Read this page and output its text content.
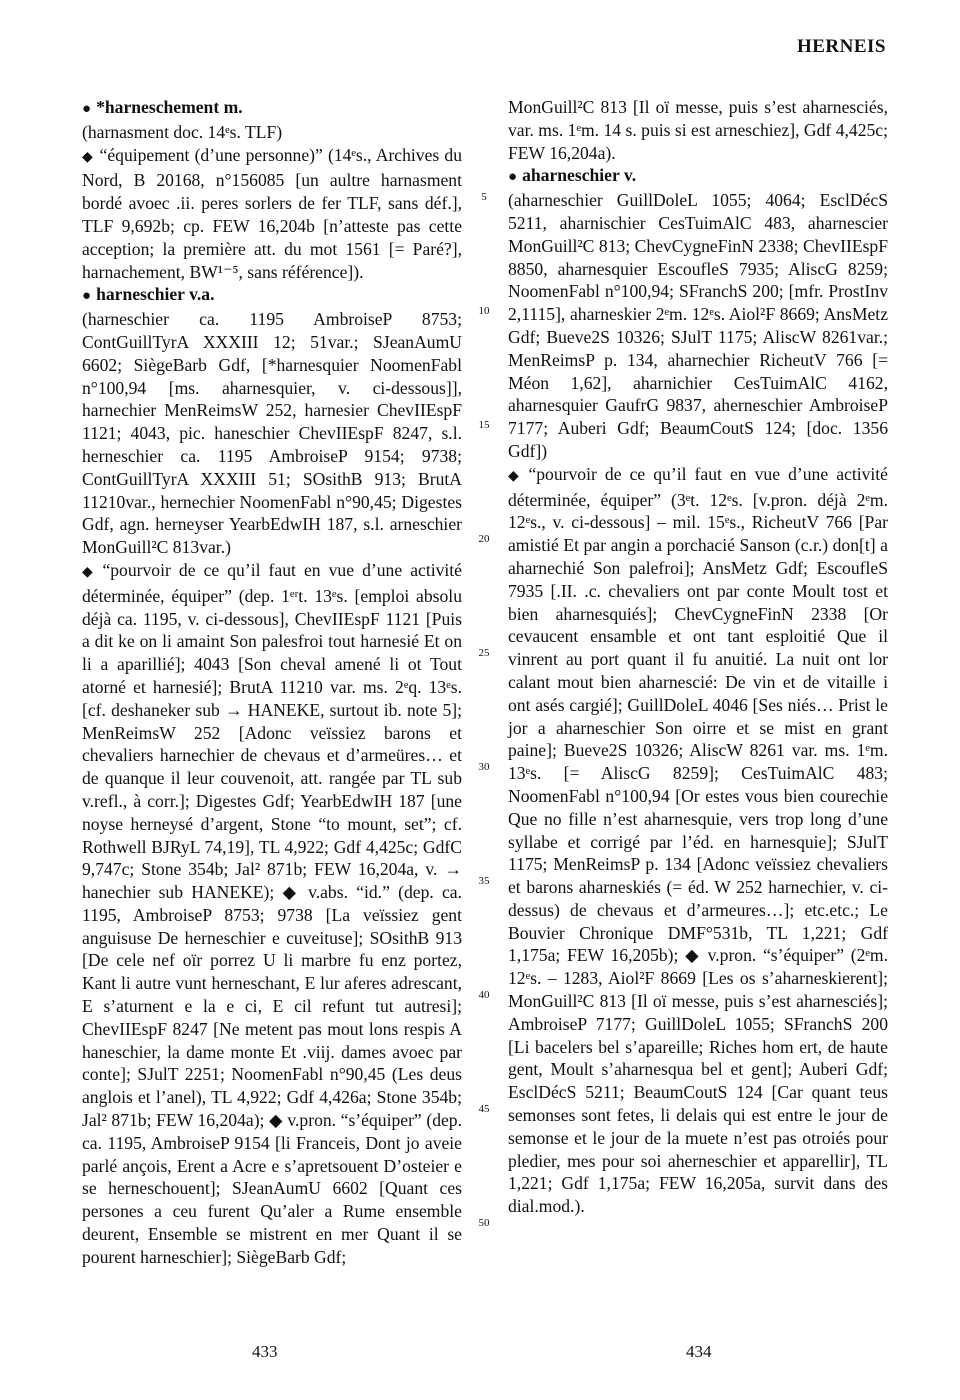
HERNEIS

● *harneschement m.

(harnasment doc. 14ᵉs. TLF)

◆ “équipement (d’une personne)” (14ᵉs., Archives du Nord, B 20168, n°156085 [un aultre harnasment bordé avoec .ii. peres sorlers de fer TLF, sans déf.], TLF 9,692b; cp. FEW 16,204b [n’atteste pas cette acception; la première att. du mot 1561 [= Paré?], harnachement, BW¹⁻⁵, sans référence]).

● harneschier v.a.

(harneschier ca. 1195 AmbroiseP 8753; ContGuillTyrA XXXIII 12; 51var.; SJeanAumU 6602; SiègeBarb Gdf, [*harnesquier NoomenFabl n°100,94 [ms. aharnesquier, v. ci-dessous]], harnechier MenReimsW 252, harnesier ChevIIEspF 1121; 4043, pic. haneschier ChevIIEspF 8247, s.l. herneschier ca. 1195 AmbroiseP 9154; 9738; ContGuillTyrA XXXIII 51; SOsithB 913; BrutA 11210var., hernechier NoomenFabl n°90,45; Digestes Gdf, agn. herneyser YearbEdwIH 187, s.l. arneschier MonGuill²C 813var.)

◆ “pourvoir de ce qu’il faut en vue d’une activité déterminée, équiper” (dep. 1ᵉʳt. 13ᵉs. [emploi absolu déjà ca. 1195, v. ci-dessous], ChevIIEspF 1121 [Puis a dit ke on li amaint Son palesfroi tout harnesié Et on li a aparillié]; 4043 [Son cheval amené li ot Tout atorné et harnesié]; BrutA 11210 var. ms. 2ᵉq. 13ᵉs. [cf. deshaneker sub → HANEKE, surtout ib. note 5]; MenReimsW 252 [Adonc veïssiez barons et chevaliers harnechier de chevaus et d’armeüres… et de quanque il leur couvenoit, att. rangée par TL sub v.refl., à corr.]; Digestes Gdf; YearbEdwIH 187 [une noyse herneysé d’argent, Stone “to mount, set”; cf. Rothwell BJRyL 74,19], TL 4,922; Gdf 4,425c; GdfC 9,747c; Stone 354b; Jal² 871b; FEW 16,204a, v. → hanechier sub HANEKE); ◆ v.abs. “id.” (dep. ca. 1195, AmbroiseP 8753; 9738 [La veïssiez gent anguisuse De herneschier e cuveituse]; SOsithB 913 [De cele nef oïr porrez U li marbre fu enz portez, Kant li autre vunt herneschant, E lur aferes adrescant, E s’aturnent e la e ci, E cil refunt tut autresi]; ChevIIEspF 8247 [Ne metent pas mout lons respis A haneschier, la dame monte Et .viij. dames avoec par conte]; SJulT 2251; NoomenFabl n°90,45 (Les deus anglois et l’anel), TL 4,922; Gdf 4,426a; Stone 354b; Jal² 871b; FEW 16,204a); ◆ v.pron. “s’équiper” (dep. ca. 1195, AmbroiseP 9154 [li Franceis, Dont jo aveie parlé ançois, Erent a Acre e s’apretsouent D’osteier e se herneschouent]; SJeanAumU 6602 [Quant ces persones a ceu furent Qu’aler a Rume ensemble deurent, Ensemble se mistrent en mer Quant il se pourent harneschier]; SiègeBarb Gdf;

5
10
15
20
25
30
35
40
45
50

MonGuill²C 813 [Il oï messe, puis s’est aharnesciés, var. ms. 1ᵉm. 14 s. puis si est arneschiez], Gdf 4,425c; FEW 16,204a).

● aharneschier v.

(aharneschier GuillDoleL 1055; 4064; EsclDécS 5211, aharnischier CesTuimAlC 483, aharnescier MonGuill²C 813; ChevCygneFinN 2338; ChevIIEspF 8850, aharnesquier EscoufleS 7935; AliscG 8259; NoomenFabl n°100,94; SFranchS 200; [mfr. ProstInv 2,1115], aharneskier 2ᵉm. 12ᵉs. Aiol²F 8669; AnsMetz Gdf; Bueve2S 10326; SJulT 1175; AliscW 8261var.; MenReimsP p. 134, aharnechier RicheutV 766 [= Méon 1,62], aharnichier CesTuimAlC 4162, aharnesquier GaufrG 9837, aherneschier AmbroiseP 7177; Auberi Gdf; BeaumCoutS 124; [doc. 1356 Gdf])

◆ “pourvoir de ce qu’il faut en vue d’une activité déterminée, équiper” (3ᵉt. 12ᵉs. [v.pron. déjà 2ᵉm. 12ᵉs., v. ci-dessous] – mil. 15ᵉs., RicheutV 766 [Par amistié Et par angin a porchacié Sanson (c.r.) don[t] a aharnechié Son palefroi]; AnsMetz Gdf; EscoufleS 7935 [.II. .c. chevaliers ont par conte Moult tost et bien aharnesquiés]; ChevCygneFinN 2338 [Or cevaucent ensamble et ont tant esploitié Que il vinrent au port quant il fu anuitié. La nuit ont lor calant mout bien aharnescié: De vin et de vitaille i ont asés cargié]; GuillDoleL 4046 [Ses niés… Prist le jor a aharneschier Son oirre et se mist en grant paine]; Bueve2S 10326; AliscW 8261 var. ms. 1ᵉm. 13ᵉs. [= AliscG 8259]; CesTuimAlC 483; NoomenFabl n°100,94 [Or estes vous bien courechie Que no fille n’est aharnesquie, vers trop long d’une syllabe et corrigé par l’éd. en harnesquie]; SJulT 1175; MenReimsP p. 134 [Adonc veïssiez chevaliers et barons aharneskiés (= éd. W 252 harnechier, v. ci-dessus) de chevaus et d’armeures…]; etc.etc.; Le Bouvier Chronique DMF°531b, TL 1,221; Gdf 1,175a; FEW 16,205b); ◆ v.pron. “s’équiper” (2ᵉm. 12ᵉs. – 1283, Aiol²F 8669 [Les os s’aharneskierent]; MonGuill²C 813 [Il oï messe, puis s’est aharnesciés]; AmbroiseP 7177; GuillDoleL 1055; SFranchS 200 [Li bacelers bel s’apareille; Riches hom ert, de haute gent, Moult s’aharnesqua bel et gent]; Auberi Gdf; EsclDécS 5211; BeaumCoutS 124 [Car quant teus semonses sont fetes, li delais qui est entre le jour de semonse et le jour de la muete n’est pas otroiés pour pledier, mes pour soi aherneschier et apparellir], TL 1,221; Gdf 1,175a; FEW 16,205a, survit dans des dial.mod.).

433	434
